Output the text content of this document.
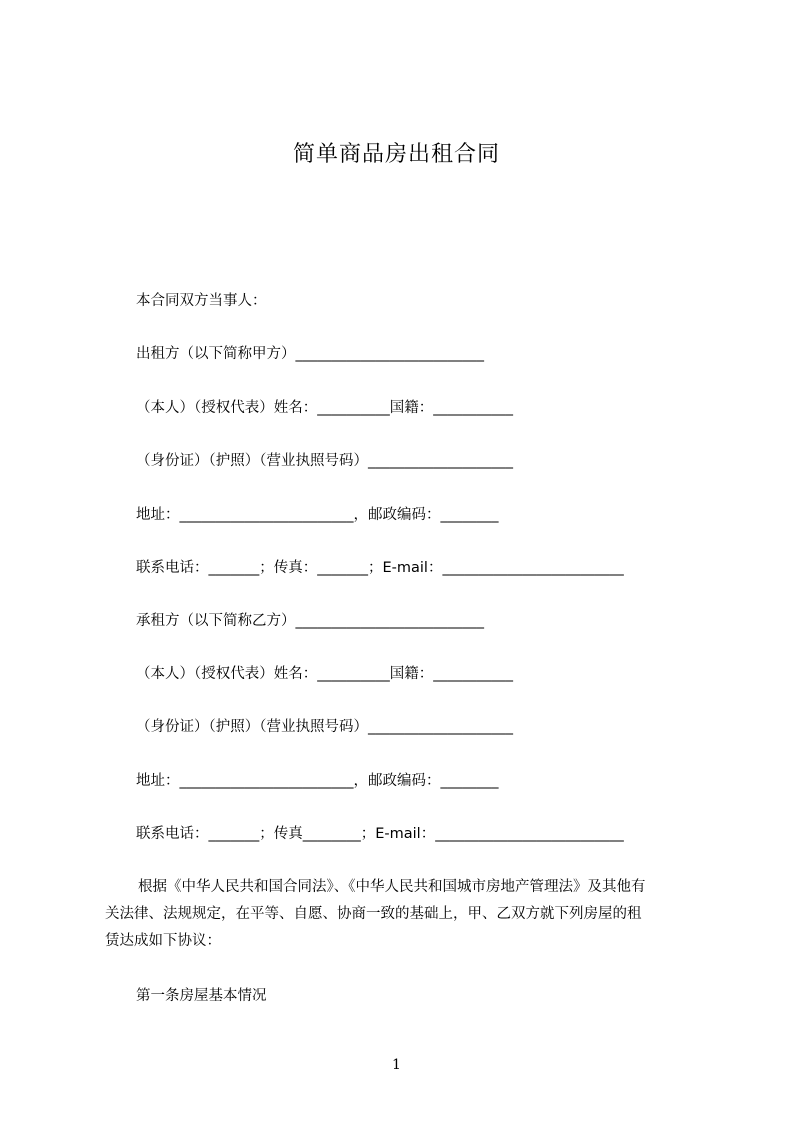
简单商品房出租合同
本合同双方当事人：
出租方（以下简称甲方）__________________________
（本人）（授权代表）姓名：__________国籍：___________
（身份证）（护照）（营业执照号码）____________________
地址：________________________，邮政编码：________
联系电话：_______；传真：_______；E-mail：_________________________
承租方（以下简称乙方）__________________________
（本人）（授权代表）姓名：__________国籍：___________
（身份证）（护照）（营业执照号码）____________________
地址：________________________，邮政编码：________
联系电话：_______；传真________；E-mail：__________________________
根据《中华人民共和国合同法》、《中华人民共和国城市房地产管理法》及其他有
关法律、法规规定，在平等、自愿、协商一致的基础上，甲、乙双方就下列房屋的租
赁达成如下协议：
第一条房屋基本情况
1
